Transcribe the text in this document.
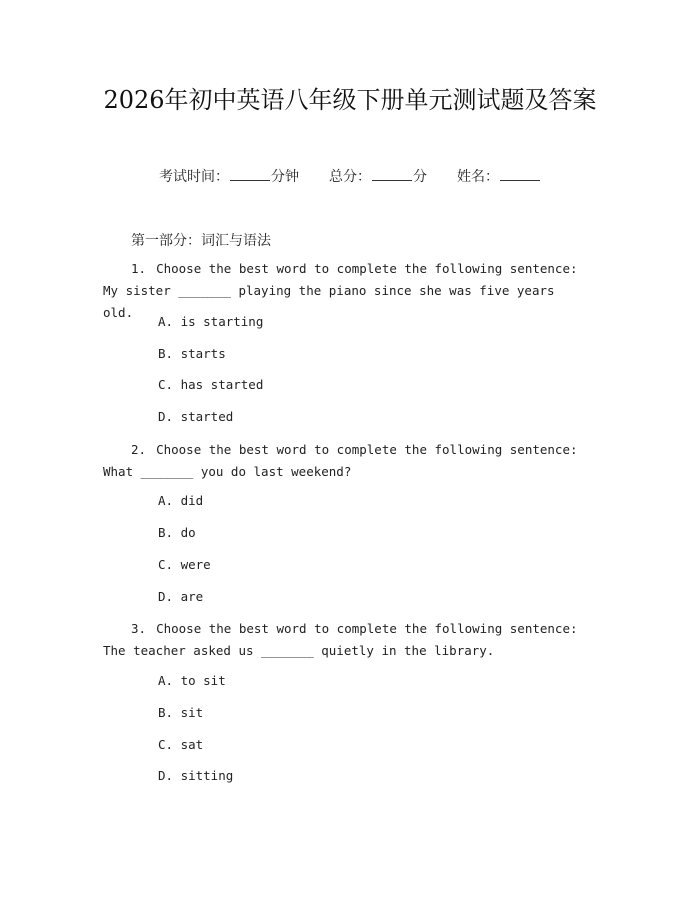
2026年初中英语八年级下册单元测试题及答案
考试时间：	分钟 总分：	分 姓名：
第一部分：词汇与语法
1. Choose the best word to complete the following sentence: My sister _______ playing the piano since she was five years old.
A. is starting
B. starts
C. has started
D. started
2. Choose the best word to complete the following sentence: What _______ you do last weekend?
A. did
B. do
C. were
D. are
3. Choose the best word to complete the following sentence: The teacher asked us _______ quietly in the library.
A. to sit
B. sit
C. sat
D. sitting
